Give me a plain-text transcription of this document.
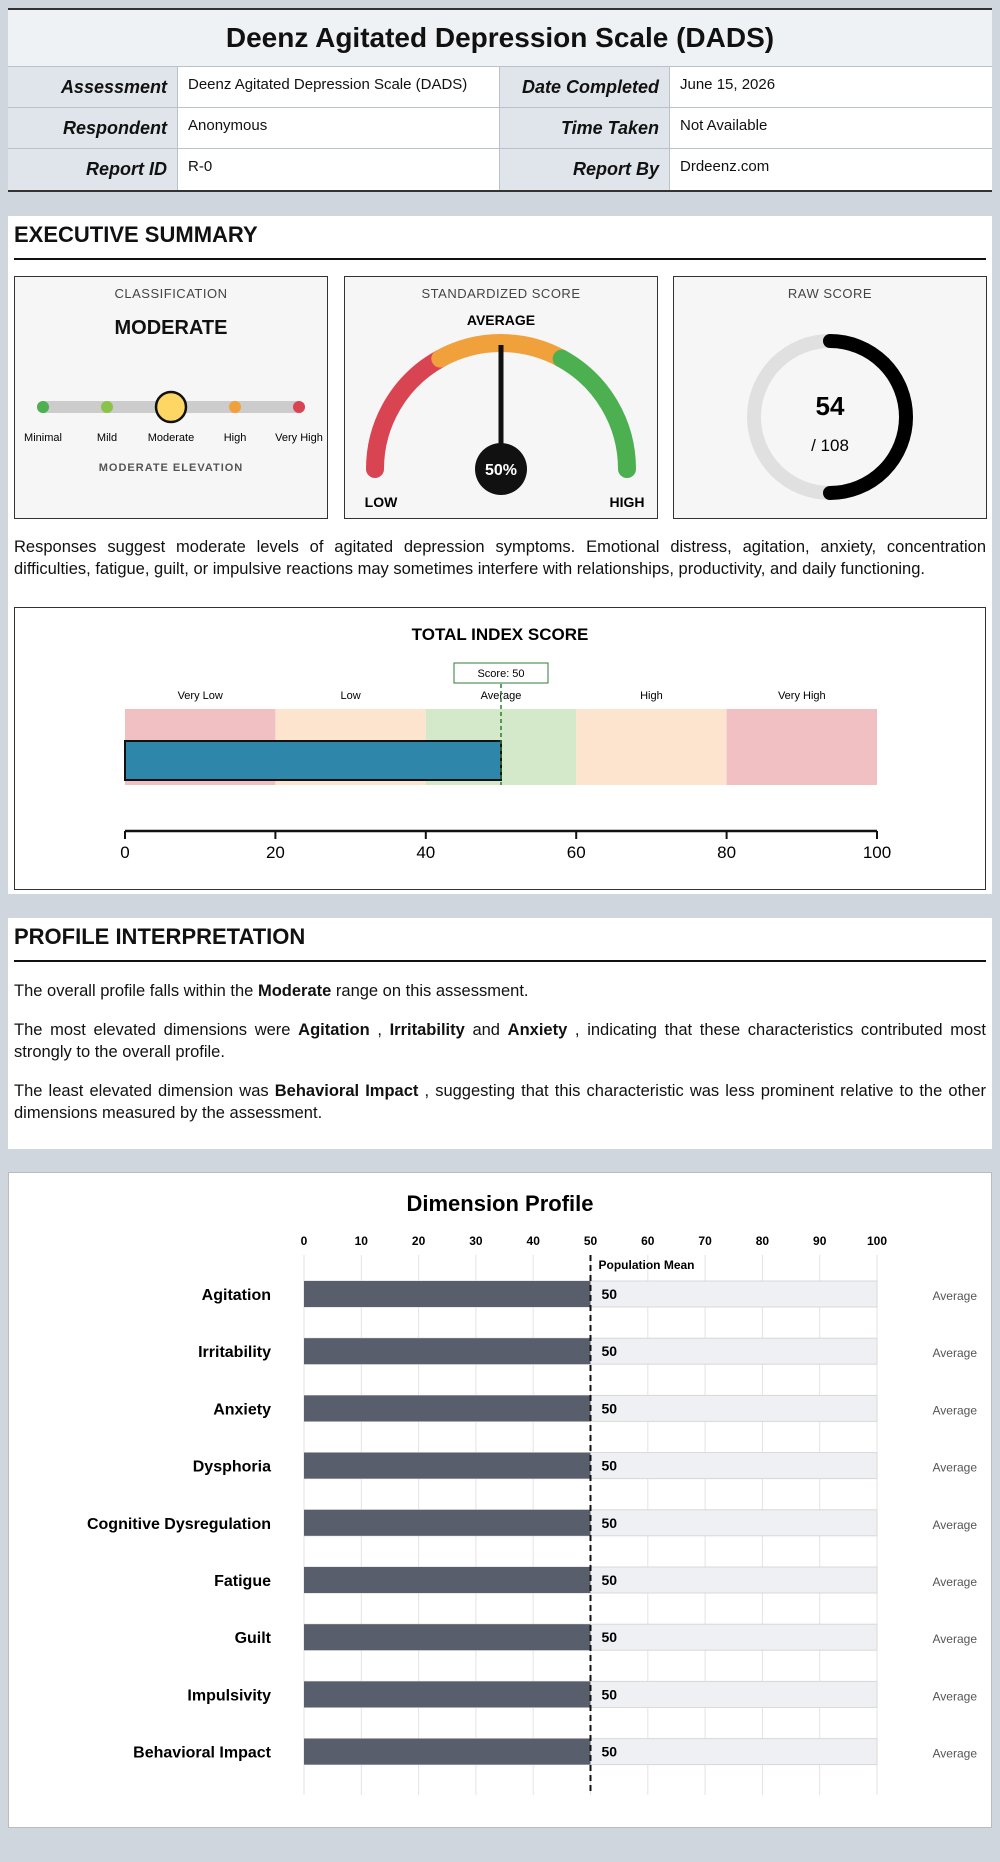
Deenz Agitated Depression Scale (DADS)
Assessment	Deenz Agitated Depression Scale (DADS)	Date Completed	June 15, 2026
Respondent	Anonymous	Time Taken	Not Available
Report ID	R-0	Report By	Drdeenz.com
EXECUTIVE SUMMARY
CLASSIFICATION
MODERATE
Minimal	Mild	Moderate	High	Very High
MODERATE ELEVATION
STANDARDIZED SCORE
AVERAGE
LOW	HIGH
50%
RAW SCORE
54
/ 108
Responses suggest moderate levels of agitated depression symptoms. Emotional distress, agitation, anxiety, concentration difficulties, fatigue, guilt, or impulsive reactions may sometimes interfere with relationships, productivity, and daily functioning.
TOTAL INDEX SCORE
Very Low	Low	Average	High	Very High
Score: 50
0	20	40	60	80	100
PROFILE INTERPRETATION

The overall profile falls within the Moderate range on this assessment.

The most elevated dimensions were Agitation , Irritability and Anxiety , indicating that these characteristics contributed most strongly to the overall profile.

The least elevated dimension was Behavioral Impact , suggesting that this characteristic was less prominent relative to the other dimensions measured by the assessment.

Dimension Profile
0	10	20	30	40	50	60	70	80	90	100
Agitation	50	Average
Irritability	50	Average
Anxiety	50	Average
Dysphoria	50	Average
Cognitive Dysregulation	50	Average
Fatigue	50	Average
Guilt	50	Average
Impulsivity	50	Average
Behavioral Impact	50	Average
Population Mean
